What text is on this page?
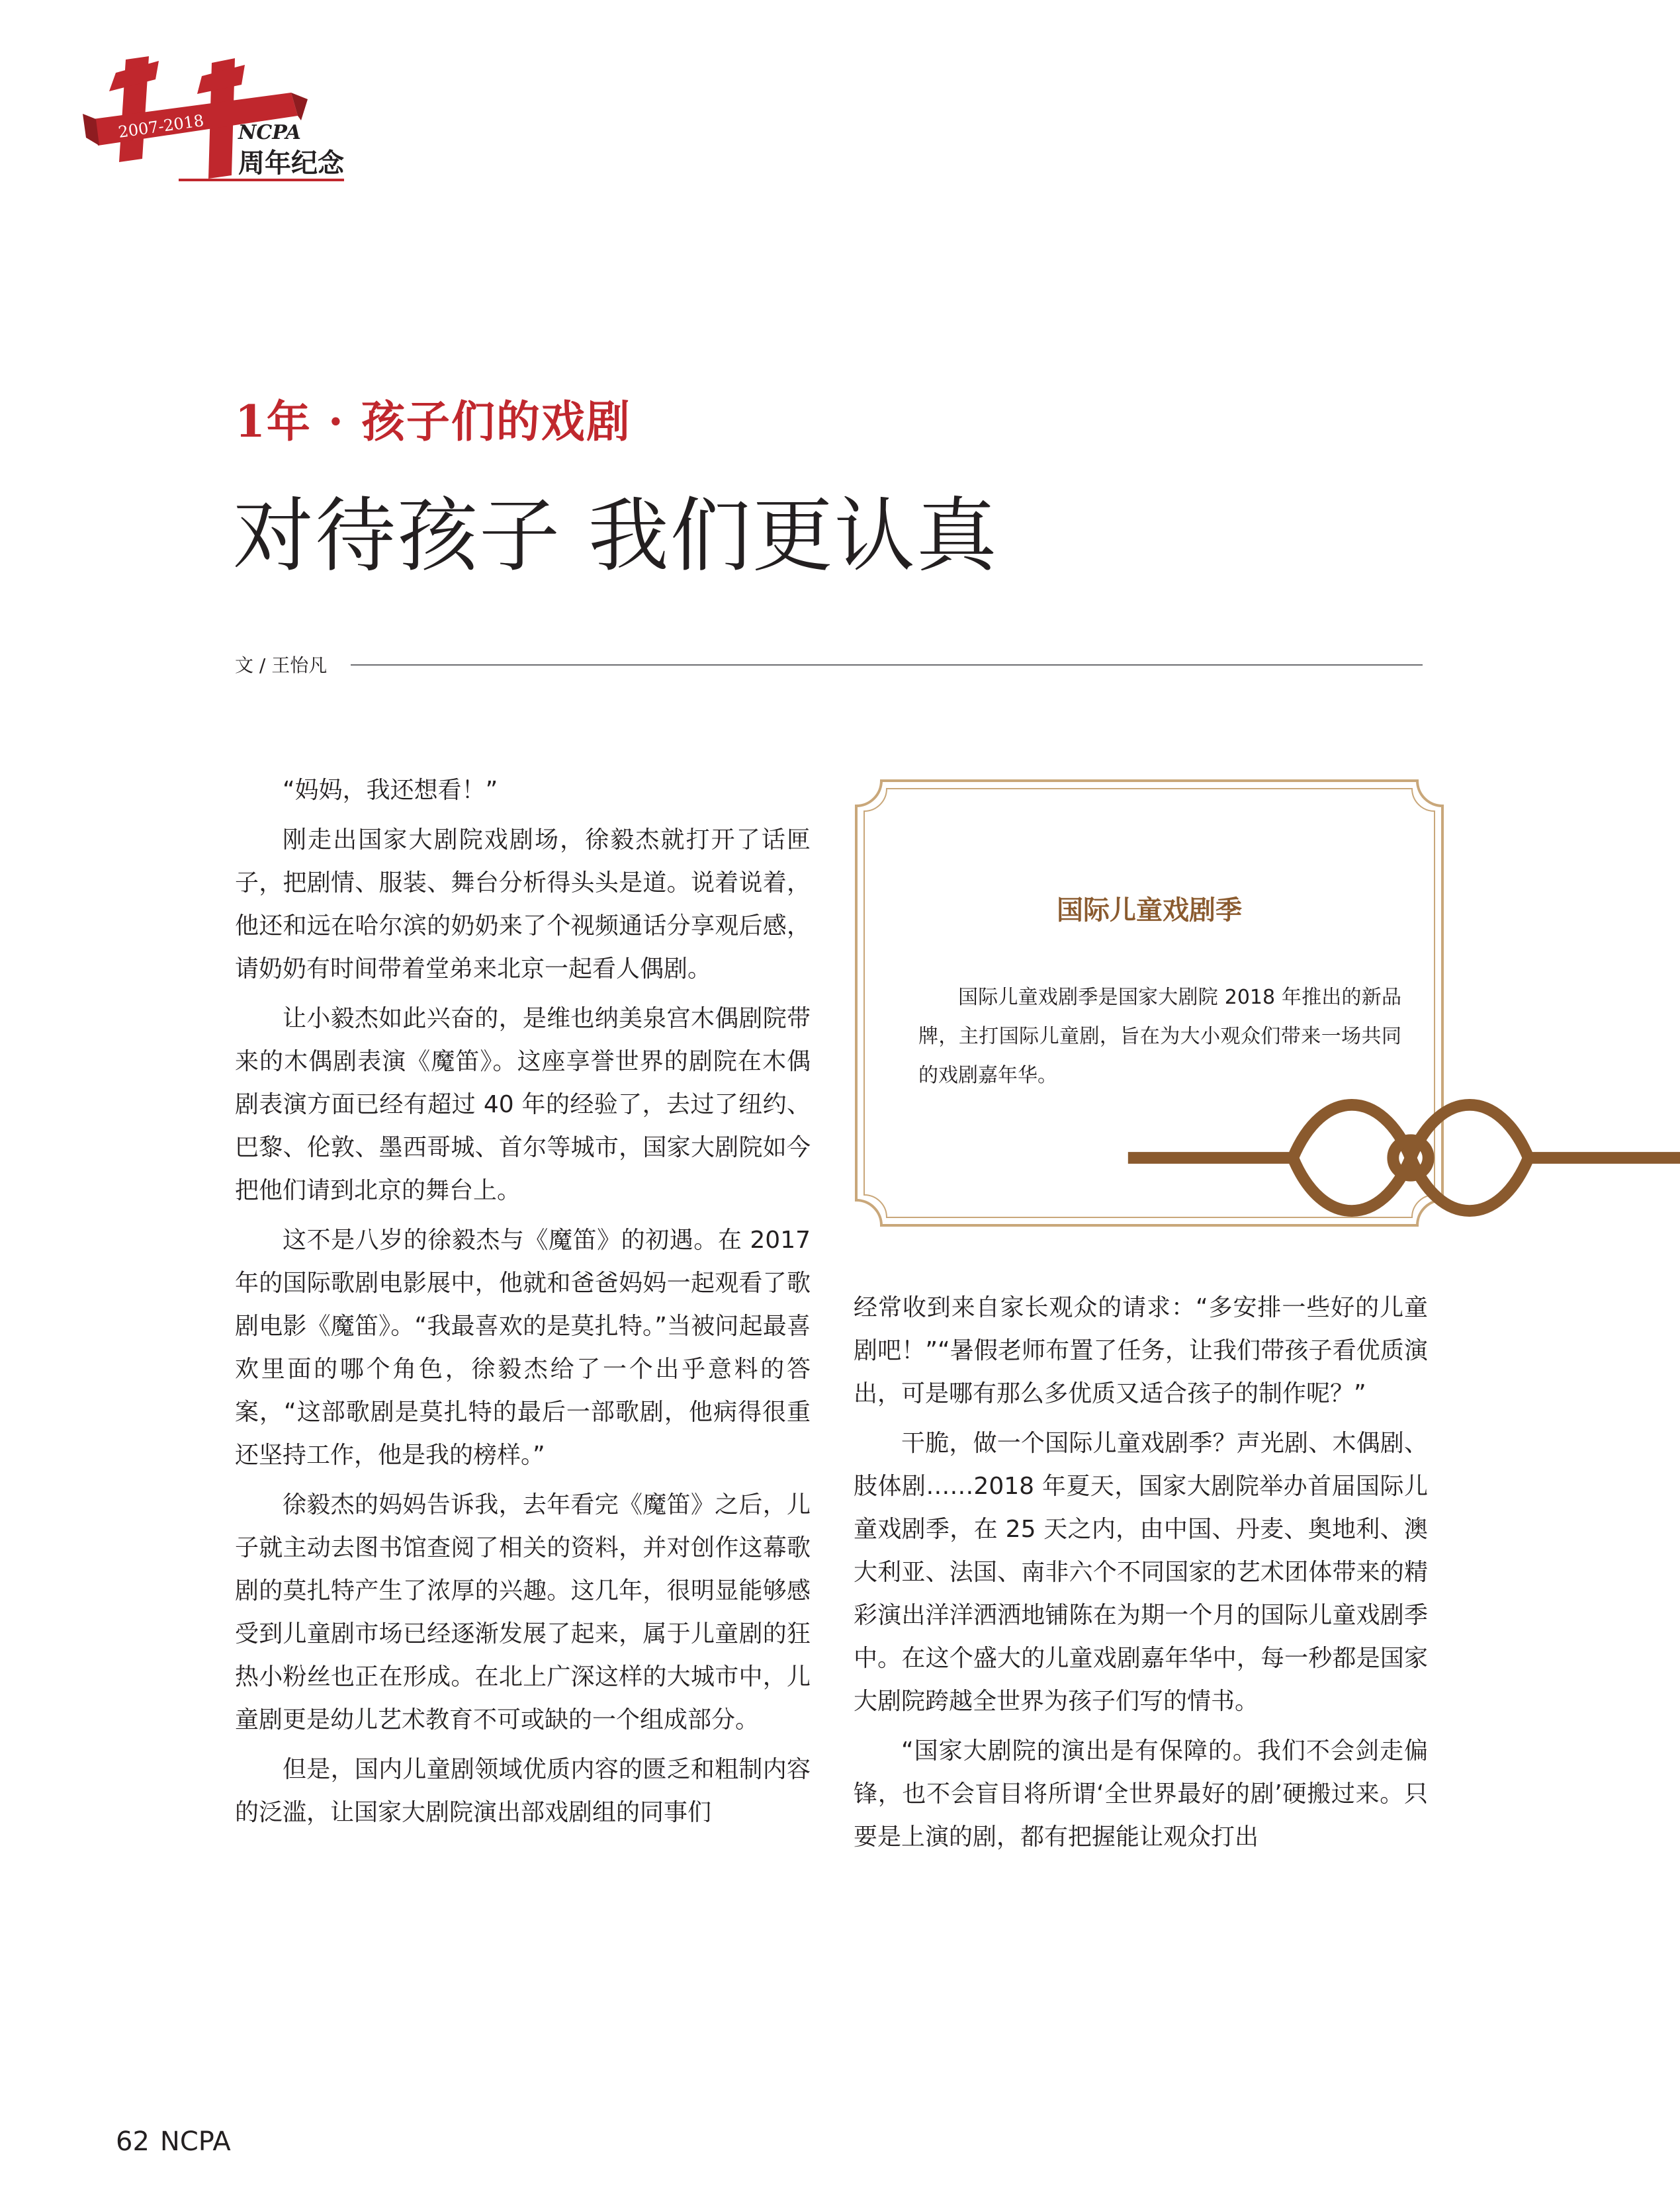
2007-2018 NCPA
周年纪念
1年 · 孩子们的戏剧
对待孩子 我们更认真
文 / 王怡凡

“妈妈，我还想看！”

刚走出国家大剧院戏剧场，徐毅杰就打开了话匣子，把剧情、服装、舞台分析得头头是道。说着说着，他还和远在哈尔滨的奶奶来了个视频通话分享观后感，请奶奶有时间带着堂弟来北京一起看人偶剧。

让小毅杰如此兴奋的，是维也纳美泉宫木偶剧院带来的木偶剧表演《魔笛》。这座享誉世界的剧院在木偶剧表演方面已经有超过 40 年的经验了，去过了纽约、巴黎、伦敦、墨西哥城、首尔等城市，国家大剧院如今把他们请到北京的舞台上。

这不是八岁的徐毅杰与《魔笛》的初遇。在 2017 年的国际歌剧电影展中，他就和爸爸妈妈一起观看了歌剧电影《魔笛》。“我最喜欢的是莫扎特。”当被问起最喜欢里面的哪个角色，徐毅杰给了一个出乎意料的答案，“这部歌剧是莫扎特的最后一部歌剧，他病得很重还坚持工作，他是我的榜样。”

徐毅杰的妈妈告诉我，去年看完《魔笛》之后，儿子就主动去图书馆查阅了相关的资料，并对创作这幕歌剧的莫扎特产生了浓厚的兴趣。这几年，很明显能够感受到儿童剧市场已经逐渐发展了起来，属于儿童剧的狂热小粉丝也正在形成。在北上广深这样的大城市中，儿童剧更是幼儿艺术教育不可或缺的一个组成部分。

但是，国内儿童剧领域优质内容的匮乏和粗制内容的泛滥，让国家大剧院演出部戏剧组的同事们

国际儿童戏剧季

国际儿童戏剧季是国家大剧院 2018 年推出的新品牌，主打国际儿童剧，旨在为大小观众们带来一场共同的戏剧嘉年华。

经常收到来自家长观众的请求：“多安排一些好的儿童剧吧！”“暑假老师布置了任务，让我们带孩子看优质演出，可是哪有那么多优质又适合孩子的制作呢？”

干脆，做一个国际儿童戏剧季？声光剧、木偶剧、肢体剧……2018 年夏天，国家大剧院举办首届国际儿童戏剧季，在 25 天之内，由中国、丹麦、奥地利、澳大利亚、法国、南非六个不同国家的艺术团体带来的精彩演出洋洋洒洒地铺陈在为期一个月的国际儿童戏剧季中。在这个盛大的儿童戏剧嘉年华中，每一秒都是国家大剧院跨越全世界为孩子们写的情书。

“国家大剧院的演出是有保障的。我们不会剑走偏锋，也不会盲目将所谓‘全世界最好的剧’硬搬过来。只要是上演的剧，都有把握能让观众打出

62 NCPA
